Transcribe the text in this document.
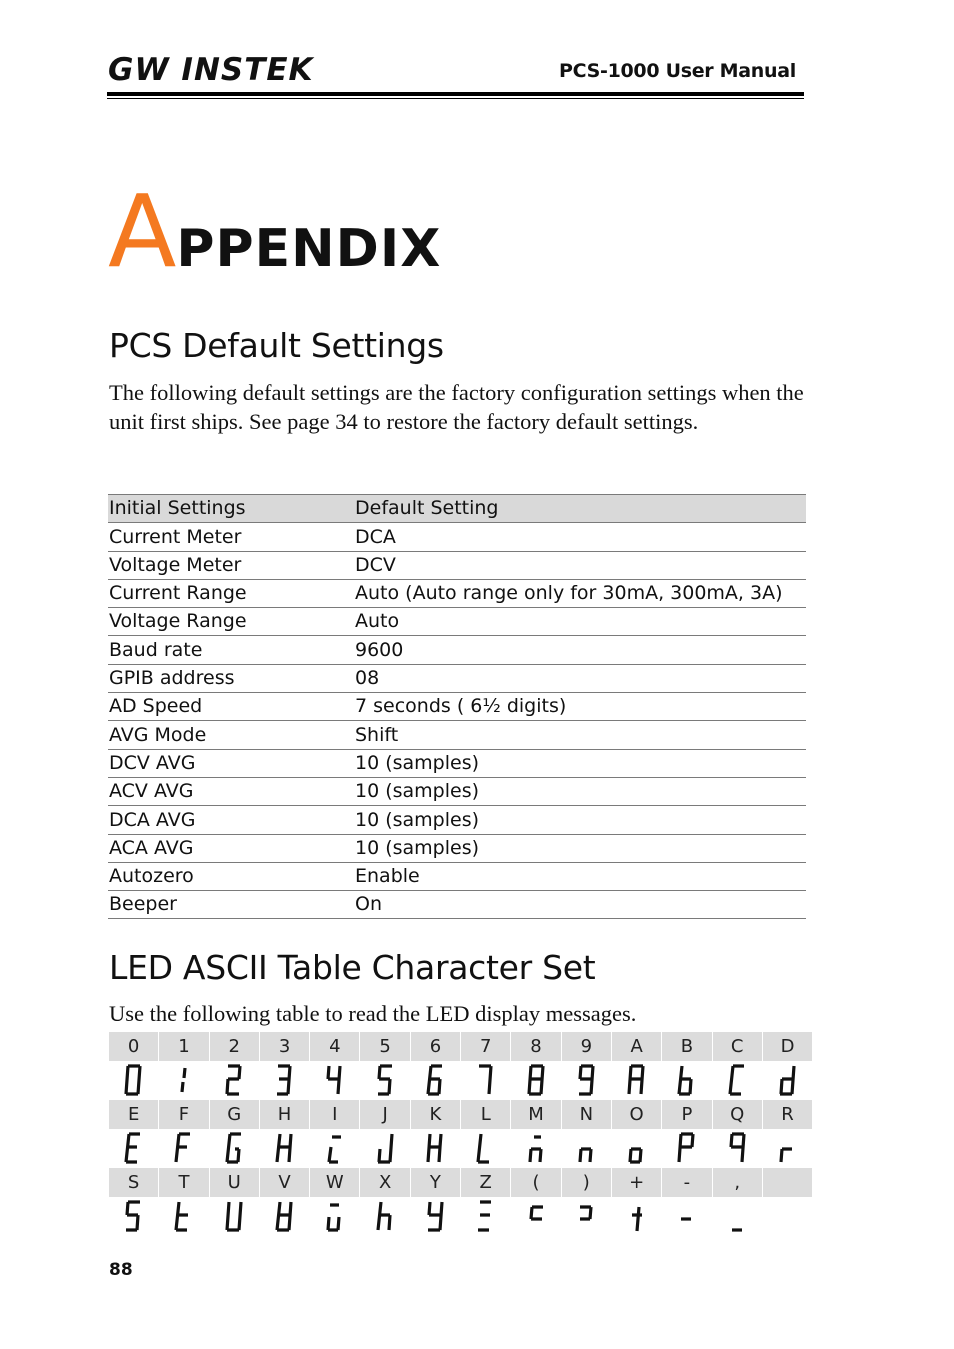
GW INSTEK	PCS-1000 User Manual
APPENDIX
PCS Default Settings

The following default settings are the factory configuration settings when the unit first ships. See page 34 to restore the factory default settings.

Initial Settings	Default Setting
Current Meter	DCA
Voltage Meter	DCV
Current Range	Auto (Auto range only for 30mA, 300mA, 3A)
Voltage Range	Auto
Baud rate	9600
GPIB address	08
AD Speed	7 seconds ( 6½ digits)
AVG Mode	Shift
DCV AVG	10 (samples)
ACV AVG	10 (samples)
DCA AVG	10 (samples)
ACA AVG	10 (samples)
Autozero	Enable
Beeper	On
LED ASCII Table Character Set

Use the following table to read the LED display messages.

0	1	2	3	4	5	6	7	8	9	A	B	C	D

E	F	G	H	I	J	K	L	M	N	O	P	Q	R

S	T	U	V	W	X	Y	Z	(	)	+	-	,	

88
